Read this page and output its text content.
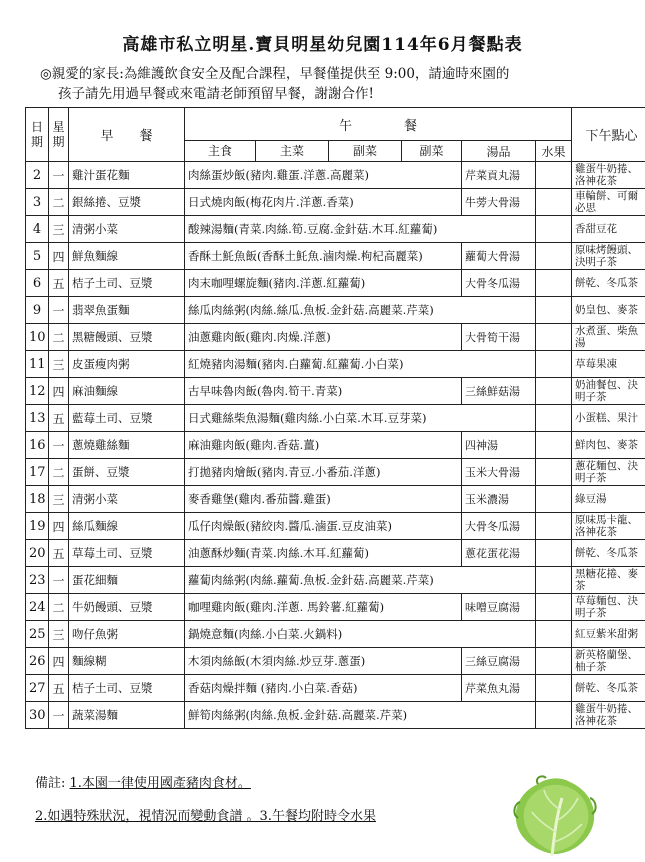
高雄市私立明星.寶貝明星幼兒園114年6月餐點表
◎親愛的家長:為維護飲食安全及配合課程，早餐僅提供至 9:00，請逾時來園的
孩子請先用過早餐或來電請老師預留早餐，謝謝合作!
日期	星期	早　　餐	午　　　　餐			下午點心

			主食 主菜 副菜 副菜	湯品	水果	
2	一	雞汁蛋花麵	肉絲蛋炒飯(豬肉.雞蛋.洋蔥.高麗菜)	芹菜貢丸湯		雞蛋牛奶捲、洛神花茶
3	二	銀絲捲、豆漿	日式燒肉飯(梅花肉片.洋蔥.香菜)	牛蒡大骨湯		車輪餅、可爾必思
4	三	清粥小菜	酸辣湯麵(青菜.肉絲.筍.豆腐.金針菇.木耳.紅蘿蔔)			香甜豆花
5	四	鮮魚麵線	香酥土魠魚飯(香酥土魠魚.滷肉燥.枸杞高麗菜)	蘿蔔大骨湯		原味烤饅頭、決明子茶
6	五	桔子土司、豆漿	肉末咖哩螺旋麵(豬肉.洋蔥.紅蘿蔔)	大骨冬瓜湯		餅乾、冬瓜茶
9	一	翡翠魚蛋麵	絲瓜肉絲粥(肉絲.絲瓜.魚板.金針菇.高麗菜.芹菜)			奶皇包、麥茶
10	二	黑糖饅頭、豆漿	油蔥雞肉飯(雞肉.肉燥.洋蔥)	大骨筍干湯		水煮蛋、柴魚湯
11	三	皮蛋瘦肉粥	紅燒豬肉湯麵(豬肉.白蘿蔔.紅蘿蔔.小白菜)			草莓果凍
12	四	麻油麵線	古早味魯肉飯(魯肉.筍干.青菜)	三絲鮮菇湯		奶油餐包、決明子茶
13	五	藍莓土司、豆漿	日式雞絲柴魚湯麵(雞肉絲.小白菜.木耳.豆芽菜)			小蛋糕、果汁
16	一	蔥燒雞絲麵	麻油雞肉飯(雞肉.香菇.薑)	四神湯		鮮肉包、麥茶
17	二	蛋餅、豆漿	打拋豬肉燴飯(豬肉.青豆.小番茄.洋蔥)	玉米大骨湯		蔥花麵包、決明子茶
18	三	清粥小菜	麥香雞堡(雞肉.番茄醬.雞蛋)	玉米濃湯		綠豆湯
19	四	絲瓜麵線	瓜仔肉燥飯(豬絞肉.醬瓜.滷蛋.豆皮油菜)	大骨冬瓜湯		原味馬卡龍、洛神花茶
20	五	草莓土司、豆漿	油蔥酥炒麵(青菜.肉絲.木耳.紅蘿蔔)	蔥花蛋花湯		餅乾、冬瓜茶
23	一	蛋花細麵	蘿蔔肉絲粥(肉絲.蘿蔔.魚板.金針菇.高麗菜.芹菜)			黑糖花捲、麥茶
24	二	牛奶饅頭、豆漿	咖哩雞肉飯(雞肉.洋蔥. 馬鈴薯.紅蘿蔔)	味噌豆腐湯		草莓麵包、決明子茶
25	三	吻仔魚粥	鍋燒意麵(肉絲.小白菜.火鍋料)			紅豆紫米甜粥
26	四	麵線糊	木須肉絲飯(木須肉絲.炒豆芽.蔥蛋)	三絲豆腐湯		新英格蘭堡、柚子茶
27	五	桔子土司、豆漿	香菇肉燥拌麵 (豬肉.小白菜.香菇)	芹菜魚丸湯		餅乾、冬瓜茶
30	一	蔬菜湯麵	鮮筍肉絲粥(肉絲.魚板.金針菇.高麗菜.芹菜)			雞蛋牛奶捲、洛神花茶
備註: 1.本園一律使用國產豬肉食材。
2.如遇特殊狀況，視情況而變動食譜 。3.午餐均附時令水果
